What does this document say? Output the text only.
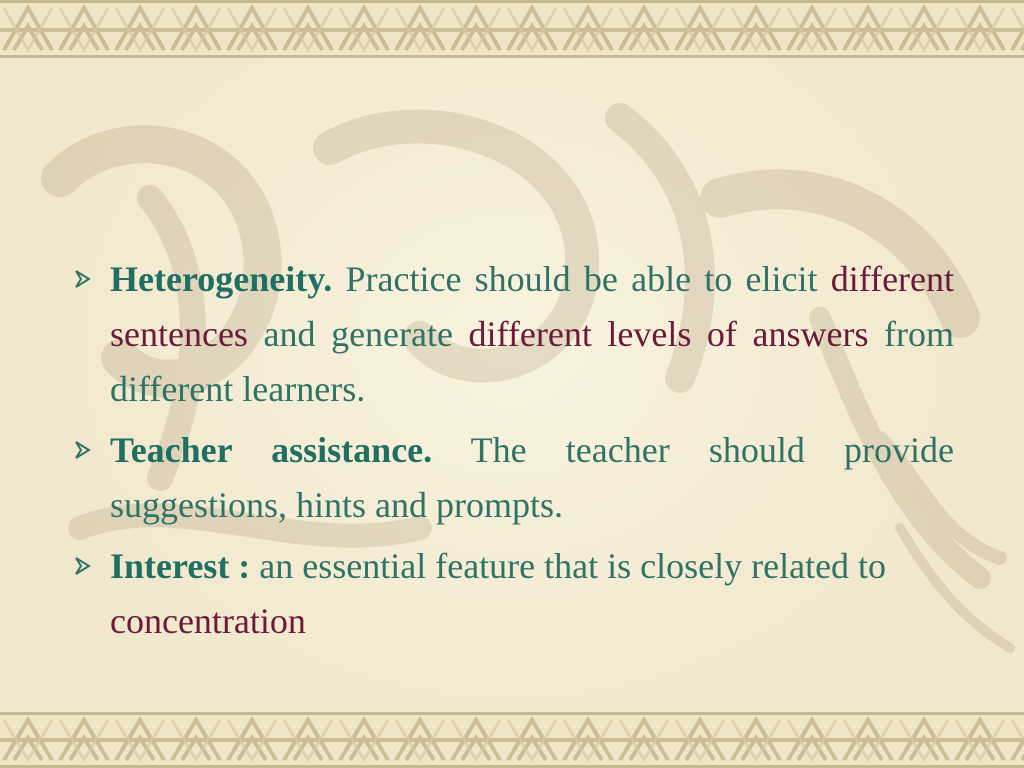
Heterogeneity. Practice should be able to elicit different sentences and generate different levels of answers from different learners.
Teacher assistance. The teacher should provide suggestions, hints and prompts.
Interest : an essential feature that is closely related to concentration
